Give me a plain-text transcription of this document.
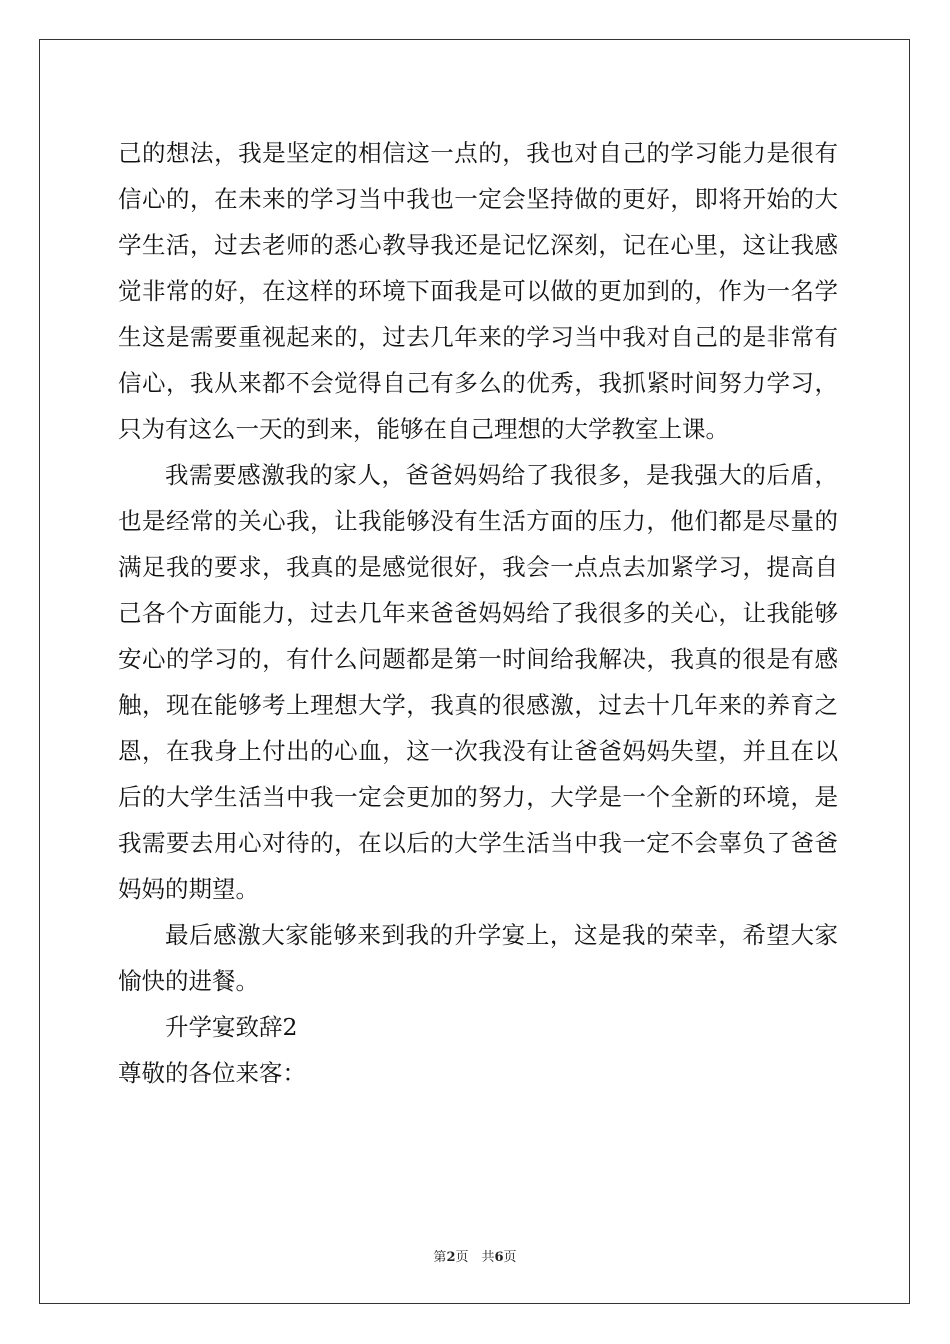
己的想法，我是坚定的相信这一点的，我也对自己的学习能力是很有
信心的，在未来的学习当中我也一定会坚持做的更好，即将开始的大
学生活，过去老师的悉心教导我还是记忆深刻，记在心里，这让我感
觉非常的好，在这样的环境下面我是可以做的更加到的，作为一名学
生这是需要重视起来的，过去几年来的学习当中我对自己的是非常有
信心，我从来都不会觉得自己有多么的优秀，我抓紧时间努力学习，
只为有这么一天的到来，能够在自己理想的大学教室上课。
我需要感激我的家人，爸爸妈妈给了我很多，是我强大的后盾，
也是经常的关心我，让我能够没有生活方面的压力，他们都是尽量的
满足我的要求，我真的是感觉很好，我会一点点去加紧学习，提高自
己各个方面能力，过去几年来爸爸妈妈给了我很多的关心，让我能够
安心的学习的，有什么问题都是第一时间给我解决，我真的很是有感
触，现在能够考上理想大学，我真的很感激，过去十几年来的养育之
恩，在我身上付出的心血，这一次我没有让爸爸妈妈失望，并且在以
后的大学生活当中我一定会更加的努力，大学是一个全新的环境，是
我需要去用心对待的，在以后的大学生活当中我一定不会辜负了爸爸
妈妈的期望。
最后感激大家能够来到我的升学宴上，这是我的荣幸，希望大家
愉快的进餐。
升学宴致辞2
尊敬的各位来客：
第2页　共6页
